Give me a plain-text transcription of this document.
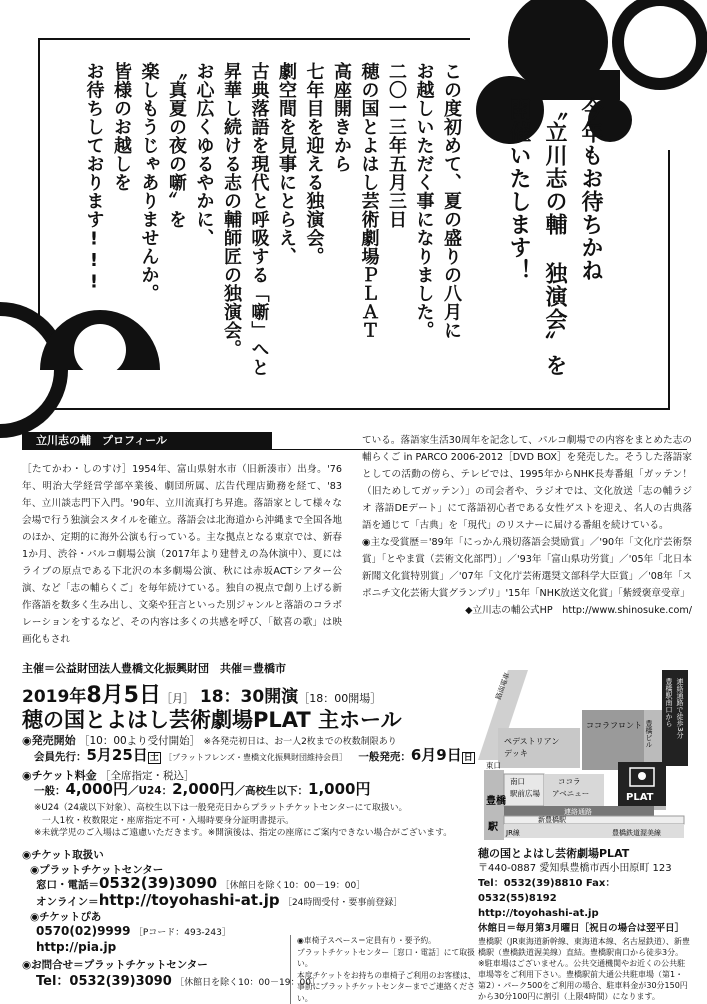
今年もお待ちかね
〝立川志の輔 独演会〟を
開催いたします！
この度初めて、夏の盛りの八月に
お越しいただく事になりました。
二〇一三年五月三日
穂の国とよはし芸術劇場ＰＬＡＴ
高座開きから
七年目を迎える独演会。
劇空間を見事にとらえ、
古典落語を現代と呼吸する「噺」へと
昇華し続ける志の輔師匠の独演会。
お心広くゆるやかに、
〝真夏の夜の噺〟を
楽しもうじゃありませんか。
皆様のお越しを
お待ちしております!!!
立川志の輔　プロフィール
［たてかわ・しのすけ］1954年、富山県射水市（旧新湊市）出身。'76年、明治大学経営学部卒業後、劇団所属、広告代理店勤務を経て、'83年、立川談志門下入門。'90年、立川流真打ち昇進。落語家として様々な会場で行う独演会スタイルを確立。落語会は北海道から沖縄まで全国各地のほか、定期的に海外公演も行っている。主な拠点となる東京では、新春1か月、渋谷・パルコ劇場公演（2017年より建替えの為休演中）、夏にはライブの原点である下北沢の本多劇場公演、秋には赤坂ACTシアター公演、など「志の輔らくご」を毎年続けている。独自の視点で創り上げる新作落語を数多く生み出し、文楽や狂言といった別ジャンルと落語のコラボレーションをするなど、その内容は多くの共感を呼び、「歓喜の歌」は映画化もされ
ている。落語家生活30周年を記念して、パルコ劇場での内容をまとめた志の輔らくご in PARCO 2006-2012［DVD BOX］を発売した。そうした落語家としての活動の傍ら、テレビでは、1995年からNHK長寿番組「ガッテン！（旧ためしてガッテン）」の司会者や、ラジオでは、文化放送「志の輔ラジオ 落語DEデート」にて落語初心者である女性ゲストを迎え、名人の古典落語を通じて「古典」を「現代」のリスナーに届ける番組を続けている。
◉主な受賞歴＝'89年「にっかん飛切落語会奨励賞」／'90年「文化庁芸術祭賞」「とやま賞（芸術文化部門）」／'93年「富山県功労賞」／'05年「北日本新聞文化賞特別賞」／'07年「文化庁芸術選奨文部科学大臣賞」／'08年「スポニチ文化芸術大賞グランプリ」'15年「NHK放送文化賞」「紫綬褒章受章」
◆立川志の輔公式HP　http://www.shinosuke.com/
主催＝公益財団法人豊橋文化振興財団　共催＝豊橋市
2019年8月5日［月］ 18：30開演［18：00開場］
穂の国とよはし芸術劇場PLAT 主ホール
◉発売開始 ［10：00より受付開始］ ※各発売初日は、お一人2枚までの枚数制限あり
会員先行：5月25日 土 ［プラットフレンズ・豊橋文化振興財団維持会員］ 一般発売：6月9日 日
◉チケット料金 ［全席指定・税込］
一般：4,000円／U24：2,000円／高校生以下：1,000円
※U24（24歳以下対象）、高校生以下は一般発売日からプラットチケットセンターにて取扱い。
一人1枚・枚数限定・座席指定不可・入場時要身分証明書提示。
※未就学児のご入場はご遠慮いただきます。※開演後は、指定の座席にご案内できない場合がございます。
◉チケット取扱い
◉プラットチケットセンター
窓口・電話＝0532(39)3090 ［休館日を除く10：00－19：00］
オンライン＝http://toyohashi-at.jp ［24時間受付・要事前登録］
◉チケットぴあ
0570(02)9999 ［Pコード：493-243］
http://pia.jp
◉お問合せ＝プラットチケットセンター
Tel：0532(39)3090 ［休館日を除く10：00－19：00］
◉車椅子スペース＝定員有り・要予約。
プラットチケットセンター［窓口・電話］にて取扱い。
本度チケットをお持ちの車椅子ご利用のお客様は、
事前にプラットチケットセンターまでご連絡ください。
路面電車
ペデストリアン
デッキ
ココラフロント 豊橋ビル
東口
南口
駅前広場
ココラ
アベニュー
連絡通路
豊橋
駅
新豊橋駅
JR線	豊橋鉄道渥美線
PLAT
豊橋駅南口から 連絡通路で徒歩3分
穂の国とよはし芸術劇場PLAT
〒440-0887 愛知県豊橋市西小田原町 123
Tel：0532(39)8810 Fax：0532(55)8192
http://toyohashi-at.jp
休館日＝毎月第3月曜日［祝日の場合は翌平日］
豊橋駅（JR東海道新幹線、東海道本線、名古屋鉄道）、新豊橋駅（豊橋鉄道渥美線）直結。豊橋駅南口から徒歩3分。
※駐車場はございません。公共交通機関やお近くの公共駐車場等をご利用下さい。豊橋駅前大通公共駐車場（第1・第2）・パーク500をご利用の場合、駐車料金が30分150円から30分100円に割引（上限4時間）になります。
